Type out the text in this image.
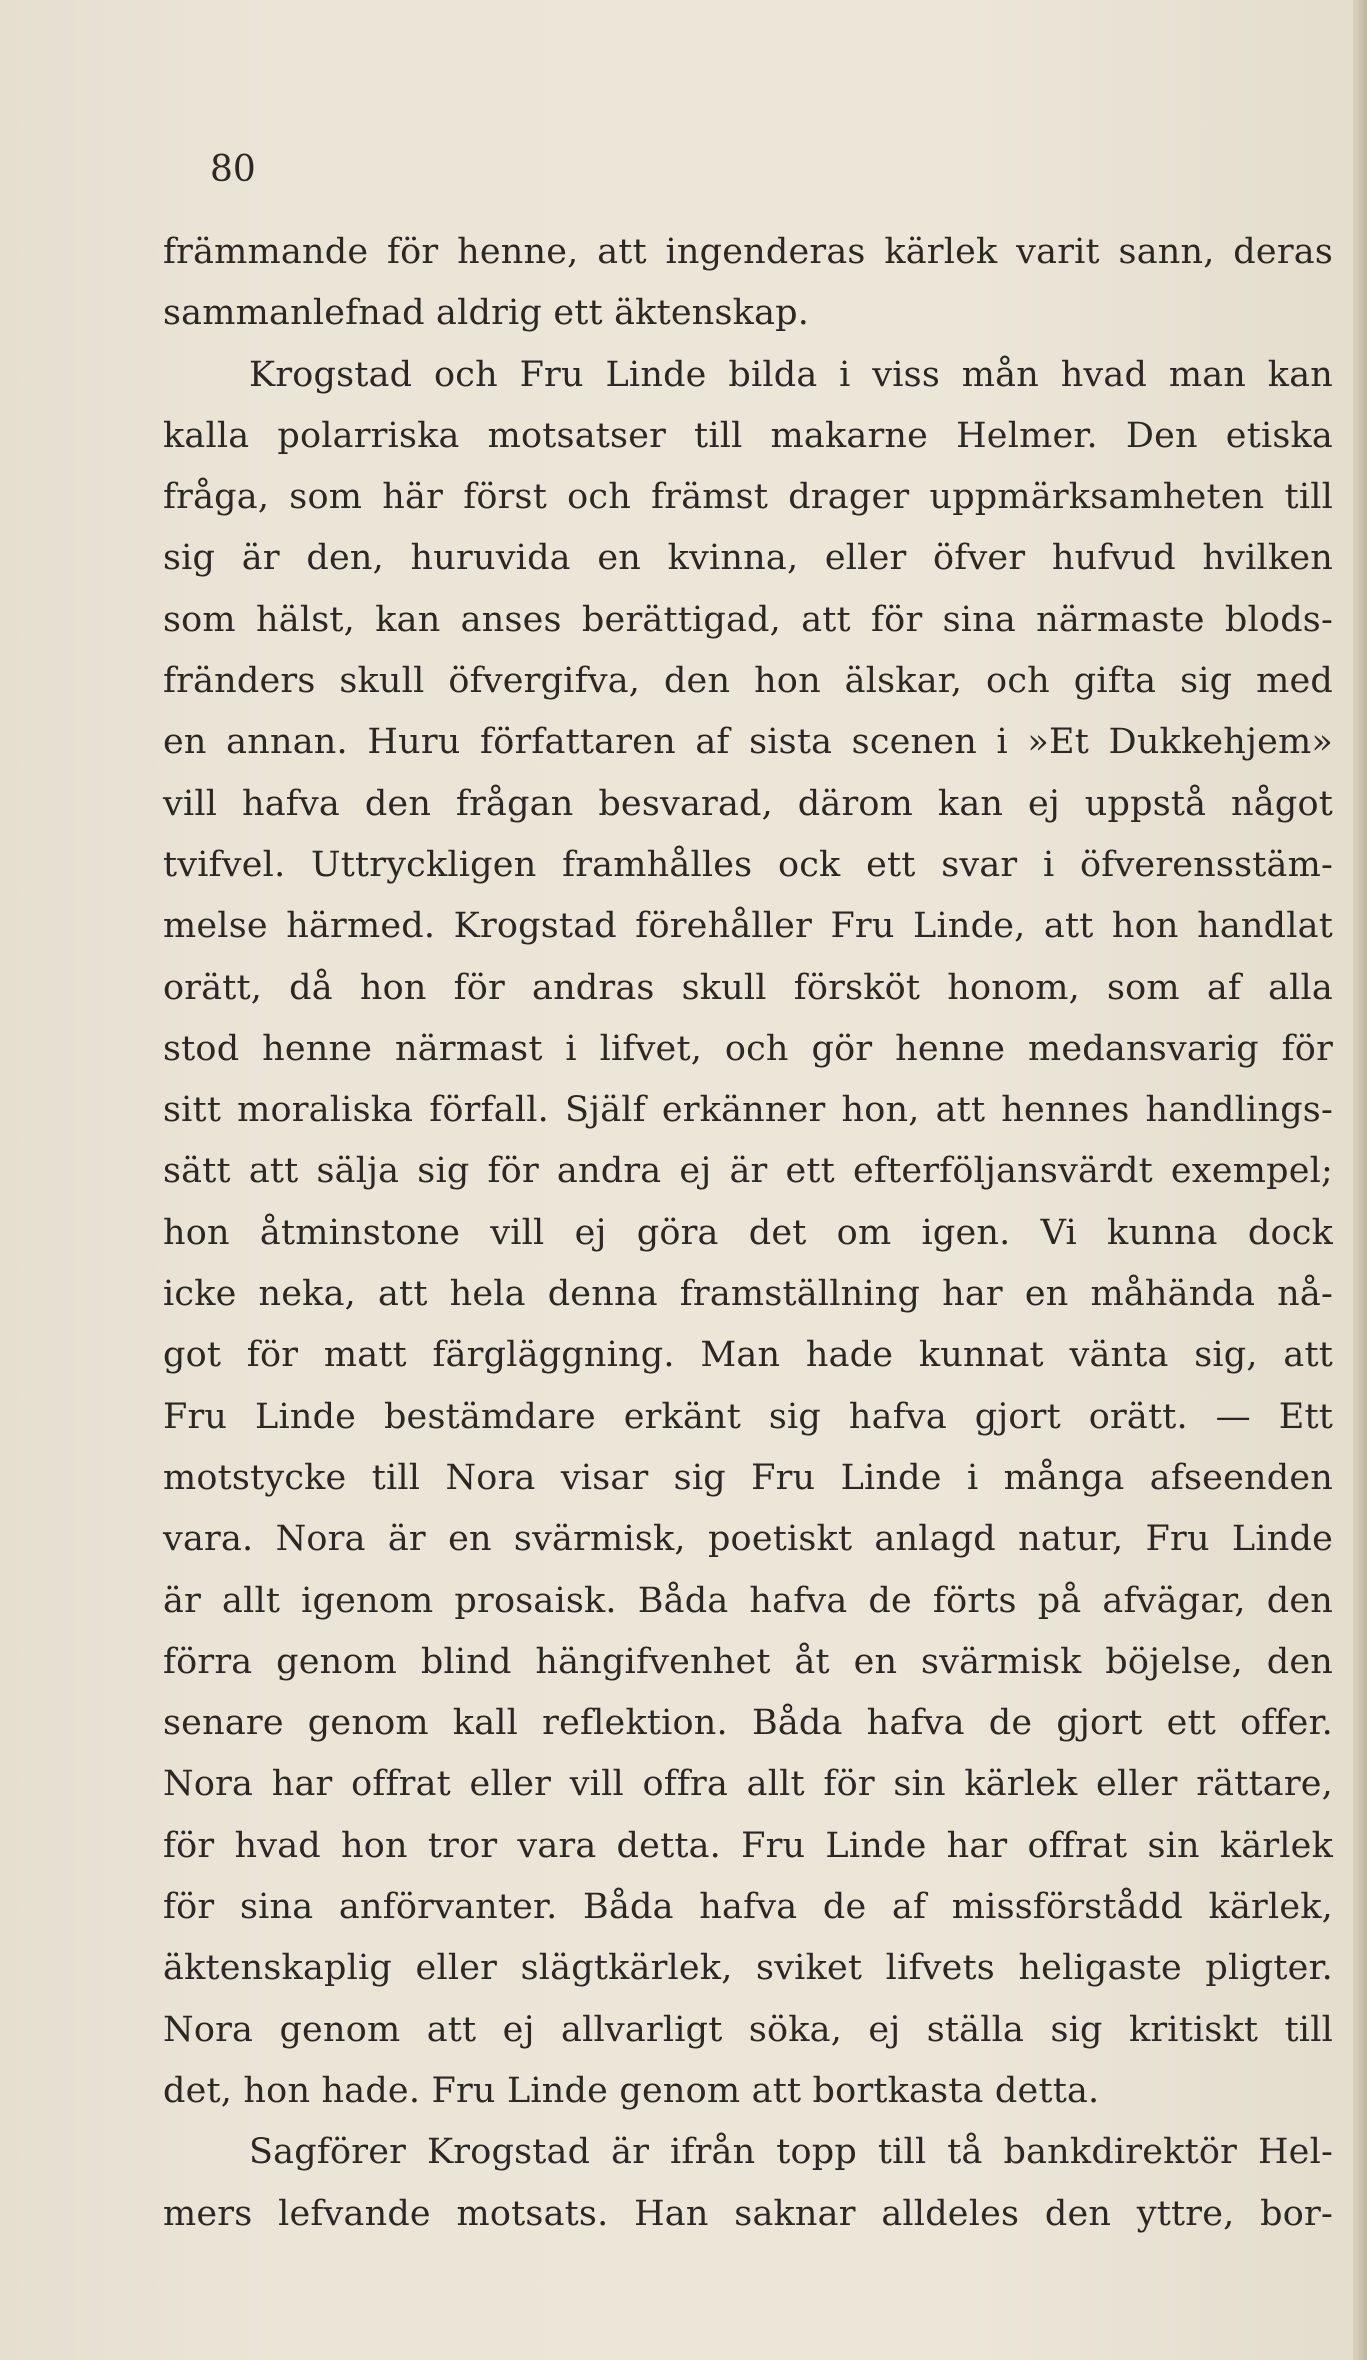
80
främmande för henne, att ingenderas kärlek varit sann, deras
sammanlefnad aldrig ett äktenskap.
Krogstad och Fru Linde bilda i viss mån hvad man kan
kalla polarriska motsatser till makarne Helmer. Den etiska
fråga, som här först och främst drager uppmärksamheten till
sig är den, huruvida en kvinna, eller öfver hufvud hvilken
som hälst, kan anses berättigad, att för sina närmaste blods-
fränders skull öfvergifva, den hon älskar, och gifta sig med
en annan. Huru författaren af sista scenen i »Et Dukkehjem»
vill hafva den frågan besvarad, därom kan ej uppstå något
tvifvel. Uttryckligen framhålles ock ett svar i öfverensstäm-
melse härmed. Krogstad förehåller Fru Linde, att hon handlat
orätt, då hon för andras skull försköt honom, som af alla
stod henne närmast i lifvet, och gör henne medansvarig för
sitt moraliska förfall. Själf erkänner hon, att hennes handlings-
sätt att sälja sig för andra ej är ett efterföljansvärdt exempel;
hon åtminstone vill ej göra det om igen. Vi kunna dock
icke neka, att hela denna framställning har en måhända nå-
got för matt färgläggning. Man hade kunnat vänta sig, att
Fru Linde bestämdare erkänt sig hafva gjort orätt. — Ett
motstycke till Nora visar sig Fru Linde i många afseenden
vara. Nora är en svärmisk, poetiskt anlagd natur, Fru Linde
är allt igenom prosaisk. Båda hafva de förts på afvägar, den
förra genom blind hängifvenhet åt en svärmisk böjelse, den
senare genom kall reflektion. Båda hafva de gjort ett offer.
Nora har offrat eller vill offra allt för sin kärlek eller rättare,
för hvad hon tror vara detta. Fru Linde har offrat sin kärlek
för sina anförvanter. Båda hafva de af missförstådd kärlek,
äktenskaplig eller slägtkärlek, sviket lifvets heligaste pligter.
Nora genom att ej allvarligt söka, ej ställa sig kritiskt till
det, hon hade. Fru Linde genom att bortkasta detta.
Sagförer Krogstad är ifrån topp till tå bankdirektör Hel-
mers lefvande motsats. Han saknar alldeles den yttre, bor-
